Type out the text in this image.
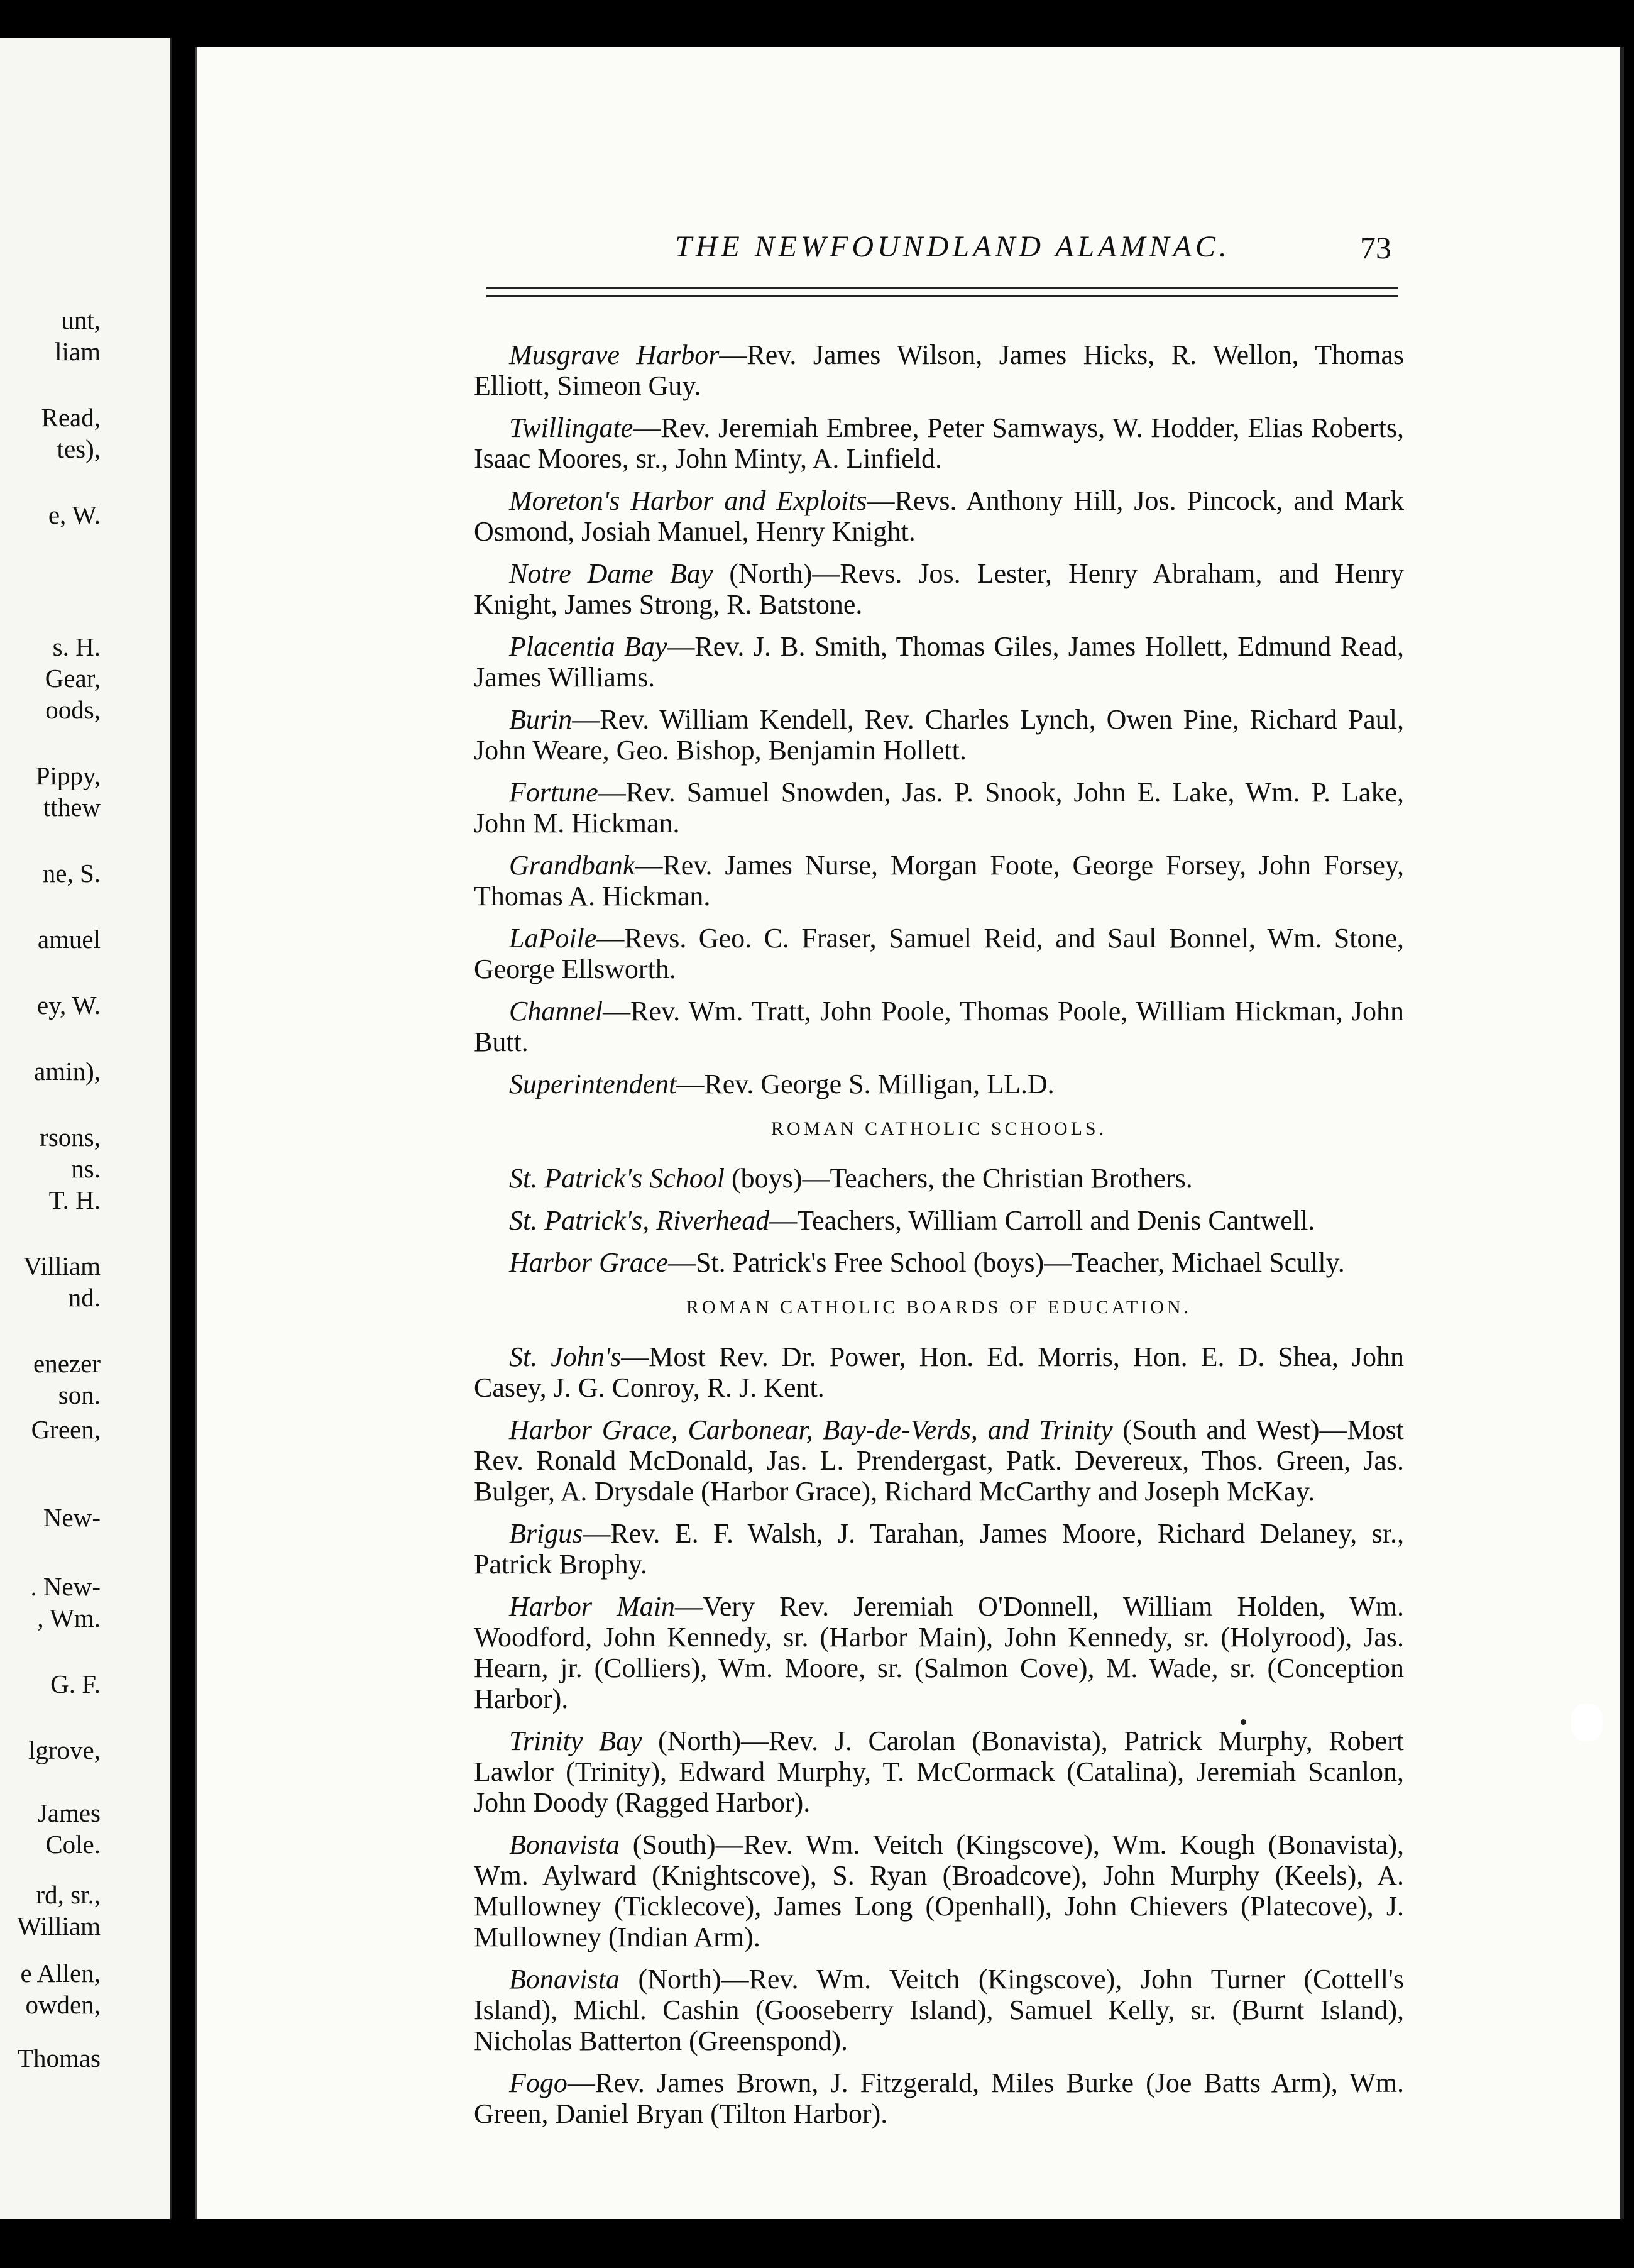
unt,
liam
Read,
tes),
e, W.
s. H.
Gear,
oods,
Pippy,
tthew
ne, S.
amuel
ey, W.
amin),
rsons,
ns.
T. H.
Villiam
nd.
enezer
son.
Green,
New-
. New-
, Wm.
G. F.
lgrove,
James
Cole.
rd, sr.,
William
e Allen,
owden,
Thomas
THE NEWFOUNDLAND ALAMNAC.	73

Musgrave Harbor—Rev. James Wilson, James Hicks, R. Wellon, Thomas Elliott, Simeon Guy.

Twillingate—Rev. Jeremiah Embree, Peter Samways, W. Hodder, Elias Roberts, Isaac Moores, sr., John Minty, A. Linfield.

Moreton's Harbor and Exploits—Revs. Anthony Hill, Jos. Pincock, and Mark Osmond, Josiah Manuel, Henry Knight.

Notre Dame Bay (North)—Revs. Jos. Lester, Henry Abraham, and Henry Knight, James Strong, R. Batstone.

Placentia Bay—Rev. J. B. Smith, Thomas Giles, James Hollett, Edmund Read, James Williams.

Burin—Rev. William Kendell, Rev. Charles Lynch, Owen Pine, Richard Paul, John Weare, Geo. Bishop, Benjamin Hollett.

Fortune—Rev. Samuel Snowden, Jas. P. Snook, John E. Lake, Wm. P. Lake, John M. Hickman.

Grandbank—Rev. James Nurse, Morgan Foote, George Forsey, John Forsey, Thomas A. Hickman.

LaPoile—Revs. Geo. C. Fraser, Samuel Reid, and Saul Bonnel, Wm. Stone, George Ellsworth.

Channel—Rev. Wm. Tratt, John Poole, Thomas Poole, William Hickman, John Butt.

Superintendent—Rev. George S. Milligan, LL.D.

ROMAN CATHOLIC SCHOOLS.

St. Patrick's School (boys)—Teachers, the Christian Brothers.

St. Patrick's, Riverhead—Teachers, William Carroll and Denis Cantwell.

Harbor Grace—St. Patrick's Free School (boys)—Teacher, Michael Scully.

ROMAN CATHOLIC BOARDS OF EDUCATION.

St. John's—Most Rev. Dr. Power, Hon. Ed. Morris, Hon. E. D. Shea, John Casey, J. G. Conroy, R. J. Kent.

Harbor Grace, Carbonear, Bay-de-Verds, and Trinity (South and West)—Most Rev. Ronald McDonald, Jas. L. Prendergast, Patk. Devereux, Thos. Green, Jas. Bulger, A. Drysdale (Harbor Grace), Richard McCarthy and Joseph McKay.

Brigus—Rev. E. F. Walsh, J. Tarahan, James Moore, Richard Delaney, sr., Patrick Brophy.

Harbor Main—Very Rev. Jeremiah O'Donnell, William Holden, Wm. Woodford, John Kennedy, sr. (Harbor Main), John Kennedy, sr. (Holyrood), Jas. Hearn, jr. (Colliers), Wm. Moore, sr. (Salmon Cove), M. Wade, sr. (Conception Harbor).

Trinity Bay (North)—Rev. J. Carolan (Bonavista), Patrick Murphy, Robert Lawlor (Trinity), Edward Murphy, T. McCormack (Catalina), Jeremiah Scanlon, John Doody (Ragged Harbor).

Bonavista (South)—Rev. Wm. Veitch (Kingscove), Wm. Kough (Bonavista), Wm. Aylward (Knightscove), S. Ryan (Broadcove), John Murphy (Keels), A. Mullowney (Ticklecove), James Long (Openhall), John Chievers (Platecove), J. Mullowney (Indian Arm).

Bonavista (North)—Rev. Wm. Veitch (Kingscove), John Turner (Cottell's Island), Michl. Cashin (Gooseberry Island), Samuel Kelly, sr. (Burnt Island), Nicholas Batterton (Greenspond).

Fogo—Rev. James Brown, J. Fitzgerald, Miles Burke (Joe Batts Arm), Wm. Green, Daniel Bryan (Tilton Harbor).
